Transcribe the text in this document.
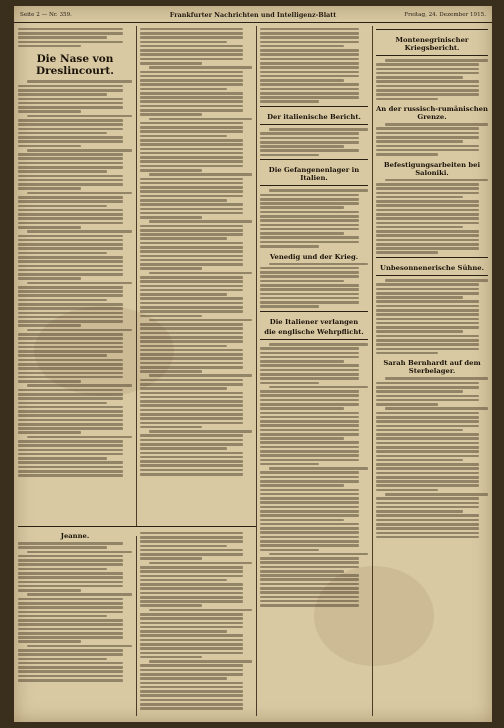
Seite 2 — Nr. 359.	Frankfurter Nachrichten und Intelligenz-Blatt	Freitag, 24. Dezember 1915.
Die Nase von Dreslincourt.
Der italienische Bericht.
Die Gefangenenlager in Italien.
Venedig und der Krieg.
Die Italiener verlangen
die englische Wehrpflicht.
Montenegrinischer Kriegsbericht.
An der russisch-rumänischen Grenze.
Befestigungsarbeiten bei Saloniki.
Unbesonnenerische Sühne.
Sarah Bernhardt auf dem Sterbelager.
Jeanne.
